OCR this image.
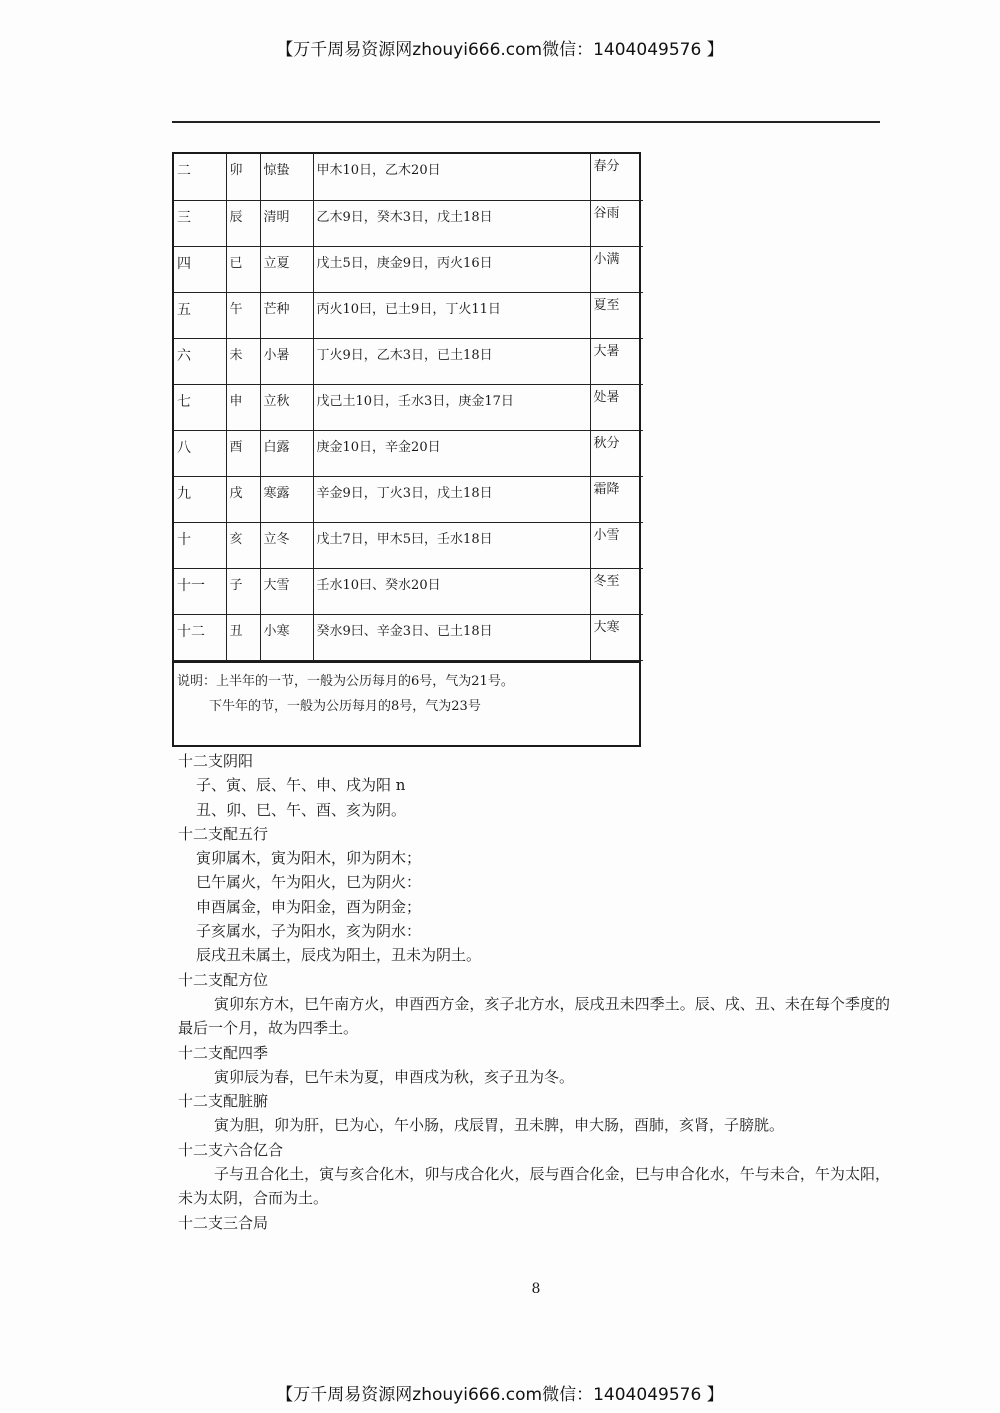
【万千周易资源网zhouyi666.com微信：1404049576 】
二	卯	惊蛰	甲木10日，乙木20日	春分
三	辰	清明	乙木9日，癸木3日，戊土18日	谷雨
四	已	立夏	戊土5日，庚金9日，丙火16日	小满
五	午	芒种	丙火10曰，已土9日，丁火11日	夏至
六	未	小暑	丁火9日，乙木3日，已土18日	大暑
七	申	立秋	戊己土10日，壬水3日，庚金17日	处暑
八	酉	白露	庚金10日，辛金20日	秋分
九	戌	寒露	辛金9日，丁火3日，戊土18日	霜降
十	亥	立冬	戊土7日，甲木5曰，壬水18日	小雪
十一	子	大雪	壬水10曰、癸水20日	冬至
十二	丑	小寒	癸水9曰、辛金3日、已土18日	大寒
说明：上半年的一节，一般为公历每月的6号，气为21号。
下牛年的节，一般为公历每月的8号，气为23号

十二支阴阳

子、寅、辰、午、申、戌为阳 n

丑、卯、巳、午、酉、亥为阴。

十二支配五行

寅卯属木，寅为阳木，卯为阴木；

巳午属火，午为阳火，巳为阴火：

申酉属金，申为阳金，酉为阴金；

子亥属水，子为阳水，亥为阴水：

辰戌丑未属土，辰戌为阳土，丑未为阴土。

十二支配方位

寅卯东方木，巳午南方火，申酉西方金，亥子北方水，辰戌丑未四季土。辰、戌、丑、未在每个季度的最后一个月，故为四季土。

十二支配四季

寅卯辰为春，巳午未为夏，申酉戌为秋，亥子丑为冬。

十二支配脏腑

寅为胆，卯为肝，巳为心，午小肠，戌辰胃，丑未脾，申大肠，酉肺，亥肾，子膀胱。

十二支六合亿合

子与丑合化土，寅与亥合化木，卯与戌合化火，辰与酉合化金，巳与申合化水，午与未合，午为太阳，未为太阴，合而为土。

十二支三合局

8
【万千周易资源网zhouyi666.com微信：1404049576 】
